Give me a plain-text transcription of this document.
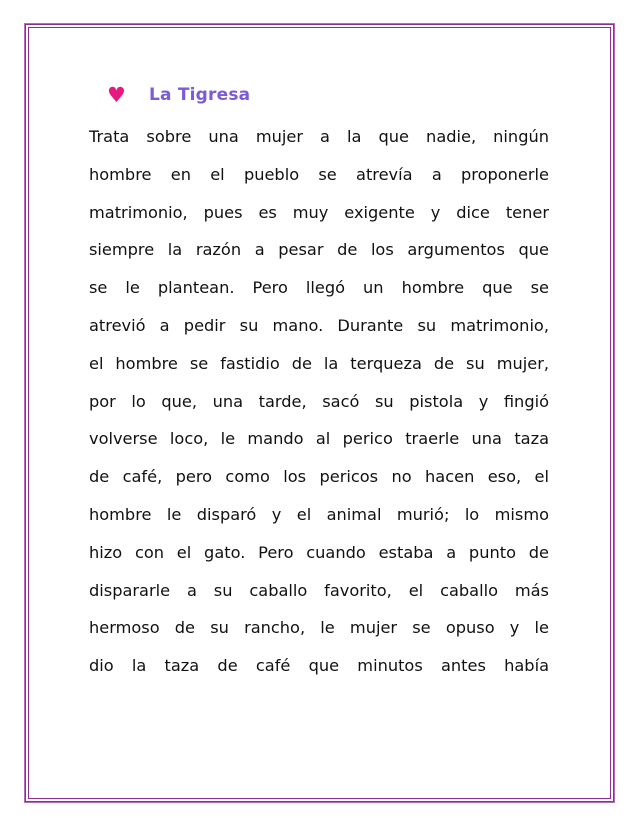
♥	La Tigresa

Trata sobre una mujer a la que nadie, ningún
hombre en el pueblo se atrevía a proponerle
matrimonio, pues es muy exigente y dice tener
siempre la razón a pesar de los argumentos que
se le plantean. Pero llegó un hombre que se
atrevió a pedir su mano. Durante su matrimonio,
el hombre se fastidio de la terqueza de su mujer,
por lo que, una tarde, sacó su pistola y fingió
volverse loco, le mando al perico traerle una taza
de café, pero como los pericos no hacen eso, el
hombre le disparó y el animal murió; lo mismo
hizo con el gato. Pero cuando estaba a punto de
dispararle a su caballo favorito, el caballo más
hermoso de su rancho, le mujer se opuso y le
dio la taza de café que minutos antes había
